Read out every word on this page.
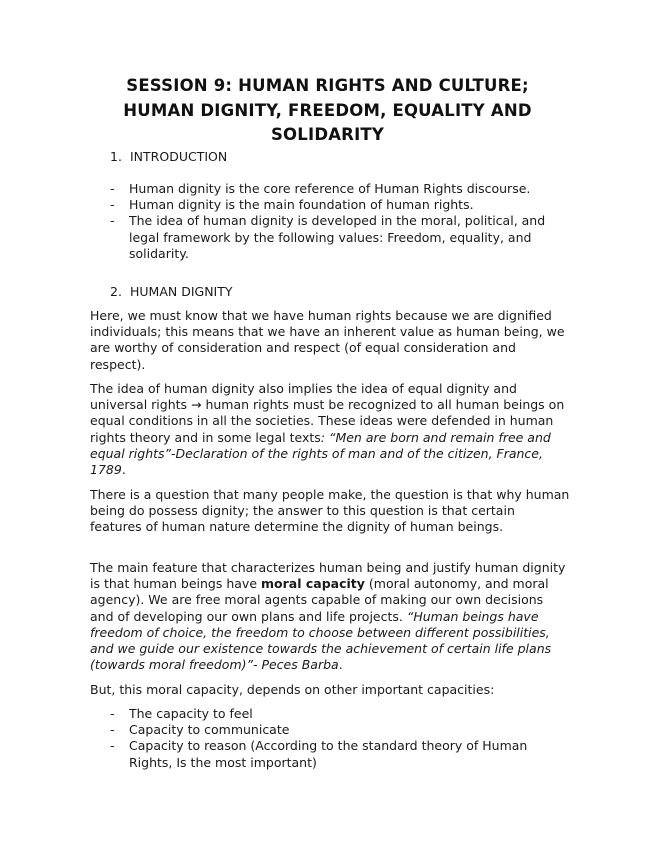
SESSION 9: HUMAN RIGHTS AND CULTURE;
HUMAN DIGNITY, FREEDOM, EQUALITY AND
SOLIDARITY
1. INTRODUCTION
- Human dignity is the core reference of Human Rights discourse.
- Human dignity is the main foundation of human rights.
- The idea of human dignity is developed in the moral, political, and legal framework by the following values: Freedom, equality, and solidarity.
2. HUMAN DIGNITY

Here, we must know that we have human rights because we are dignified individuals; this means that we have an inherent value as human being, we are worthy of consideration and respect (of equal consideration and respect).

The idea of human dignity also implies the idea of equal dignity and universal rights → human rights must be recognized to all human beings on equal conditions in all the societies. These ideas were defended in human rights theory and in some legal texts: “Men are born and remain free and equal rights”-Declaration of the rights of man and of the citizen, France, 1789.

There is a question that many people make, the question is that why human being do possess dignity; the answer to this question is that certain features of human nature determine the dignity of human beings.

The main feature that characterizes human being and justify human dignity is that human beings have moral capacity (moral autonomy, and moral agency). We are free moral agents capable of making our own decisions and of developing our own plans and life projects. “Human beings have freedom of choice, the freedom to choose between different possibilities, and we guide our existence towards the achievement of certain life plans (towards moral freedom)”- Peces Barba.

But, this moral capacity, depends on other important capacities:

- The capacity to feel
- Capacity to communicate
- Capacity to reason (According to the standard theory of Human Rights, Is the most important)
